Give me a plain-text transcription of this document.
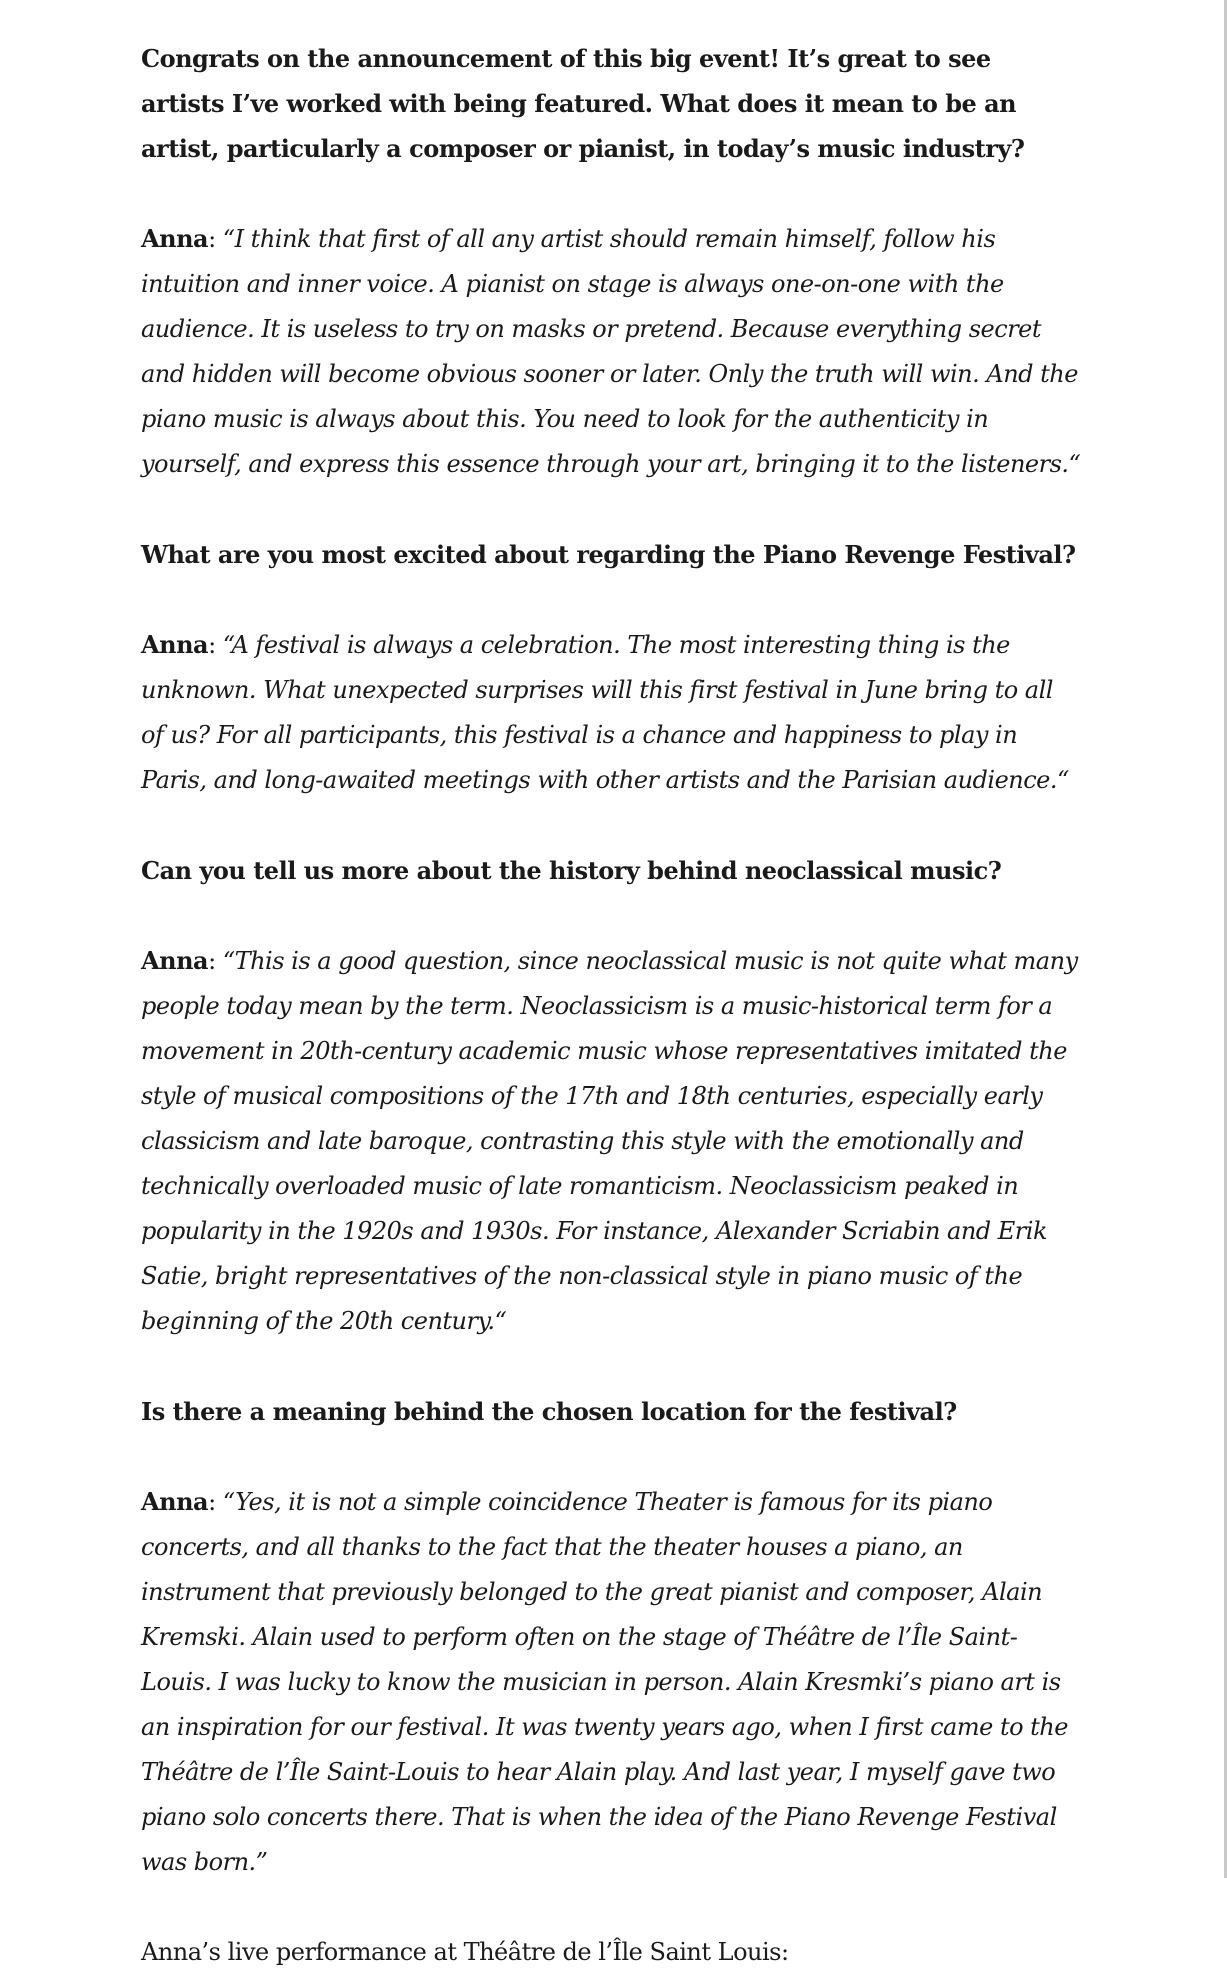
Congrats on the announcement of this big event! It’s great to see artists I’ve worked with being featured. What does it mean to be an artist, particularly a composer or pianist, in today’s music industry?

Anna: “I think that first of all any artist should remain himself, follow his intuition and inner voice. A pianist on stage is always one-on-one with the audience. It is useless to try on masks or pretend. Because everything secret and hidden will become obvious sooner or later. Only the truth will win. And the piano music is always about this. You need to look for the authenticity in yourself, and express this essence through your art, bringing it to the listeners.“

What are you most excited about regarding the Piano Revenge Festival?

Anna: “A festival is always a celebration. The most interesting thing is the unknown. What unexpected surprises will this first festival in June bring to all of us? For all participants, this festival is a chance and happiness to play in Paris, and long-awaited meetings with other artists and the Parisian audience.“

Can you tell us more about the history behind neoclassical music?

Anna: “This is a good question, since neoclassical music is not quite what many people today mean by the term. Neoclassicism is a music-historical term for a movement in 20th-century academic music whose representatives imitated the style of musical compositions of the 17th and 18th centuries, especially early classicism and late baroque, contrasting this style with the emotionally and technically overloaded music of late romanticism. Neoclassicism peaked in popularity in the 1920s and 1930s. For instance, Alexander Scriabin and Erik Satie, bright representatives of the non-classical style in piano music of the beginning of the 20th century.“

Is there a meaning behind the chosen location for the festival?

Anna: “Yes, it is not a simple coincidence Theater is famous for its piano concerts, and all thanks to the fact that the theater houses a piano, an instrument that previously belonged to the great pianist and composer, Alain Kremski. Alain used to perform often on the stage of Théâtre de l’Île Saint-Louis. I was lucky to know the musician in person. Alain Kresmki’s piano art is an inspiration for our festival. It was twenty years ago, when I first came to the Théâtre de l’Île Saint-Louis to hear Alain play. And last year, I myself gave two piano solo concerts there. That is when the idea of the Piano Revenge Festival was born.”

Anna’s live performance at Théâtre de l’Île Saint Louis:
